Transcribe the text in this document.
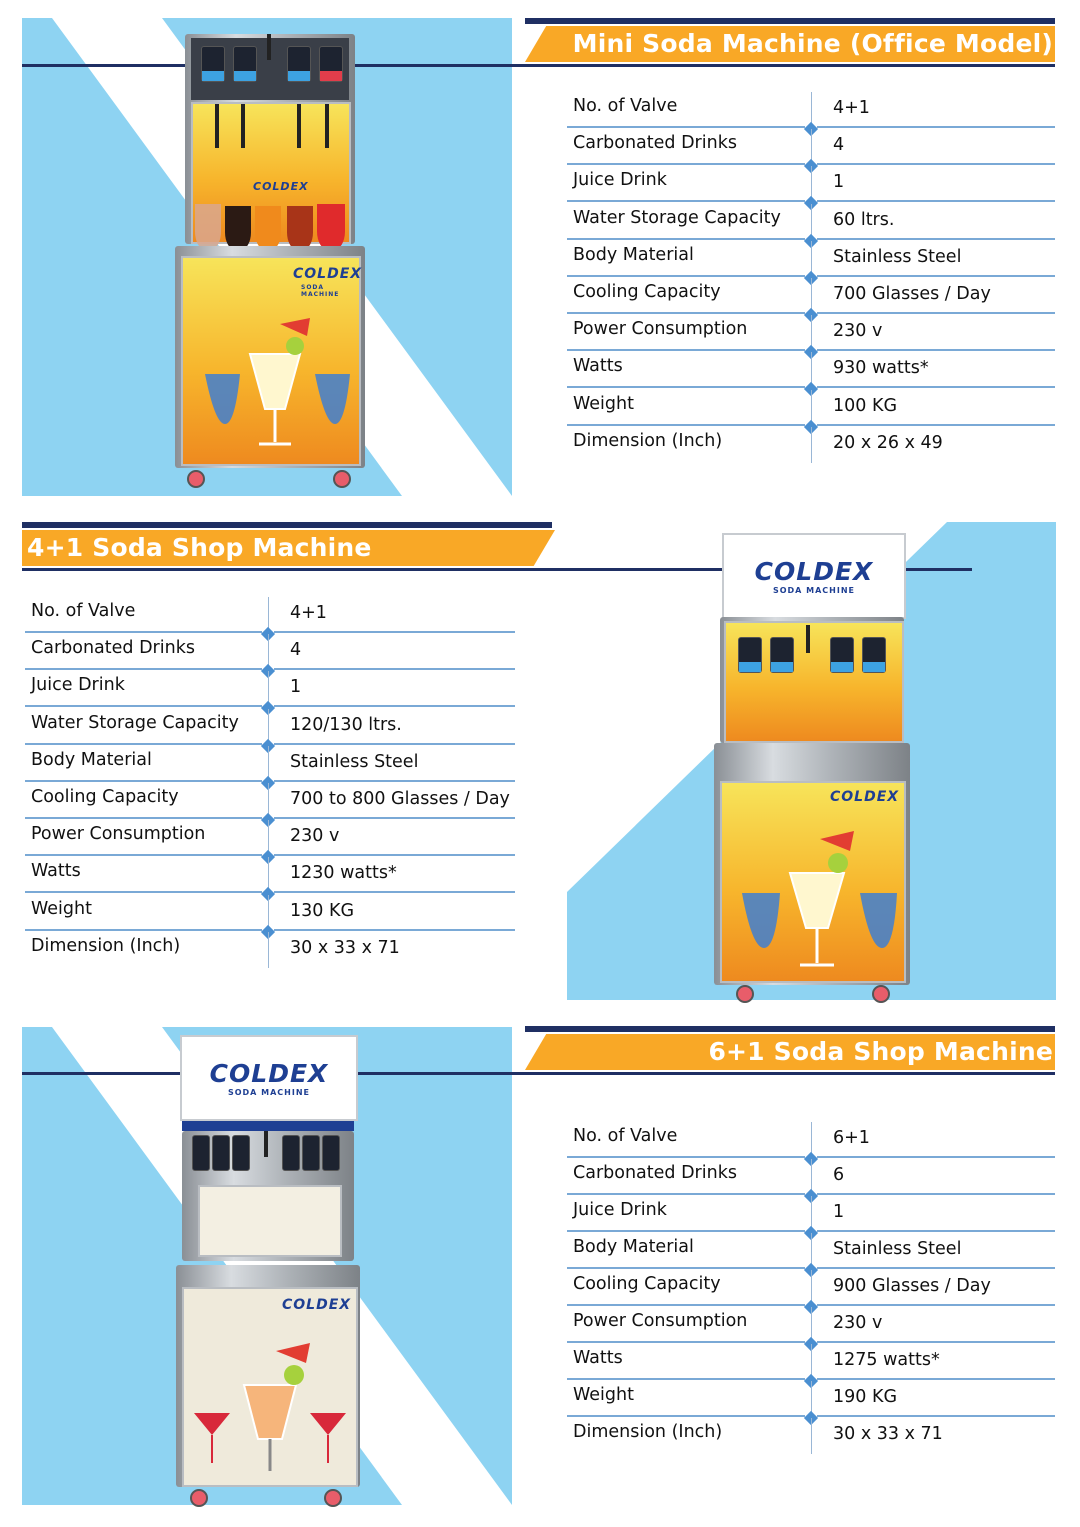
Mini Soda Machine (Office Model)
COLDEX
COLDEX
SODA MACHINE
No. of Valve	4+1
Carbonated Drinks	4
Juice Drink	1
Water Storage Capacity	60 ltrs.
Body Material	Stainless Steel
Cooling Capacity	700 Glasses / Day
Power Consumption	230 v
Watts	930 watts*
Weight	100 KG
Dimension (Inch)	20 x 26 x 49
4+1 Soda Shop Machine
COLDEX
SODA MACHINE
COLDEX
No. of Valve	4+1
Carbonated Drinks	4
Juice Drink	1
Water Storage Capacity	120/130 ltrs.
Body Material	Stainless Steel
Cooling Capacity	700 to 800 Glasses / Day
Power Consumption	230 v
Watts	1230 watts*
Weight	130 KG
Dimension (Inch)	30 x 33 x 71
6+1 Soda Shop Machine
COLDEX
SODA MACHINE
COLDEX
No. of Valve	6+1
Carbonated Drinks	6
Juice Drink	1
Body Material	Stainless Steel
Cooling Capacity	900 Glasses / Day
Power Consumption	230 v
Watts	1275 watts*
Weight	190 KG
Dimension (Inch)	30 x 33 x 71
